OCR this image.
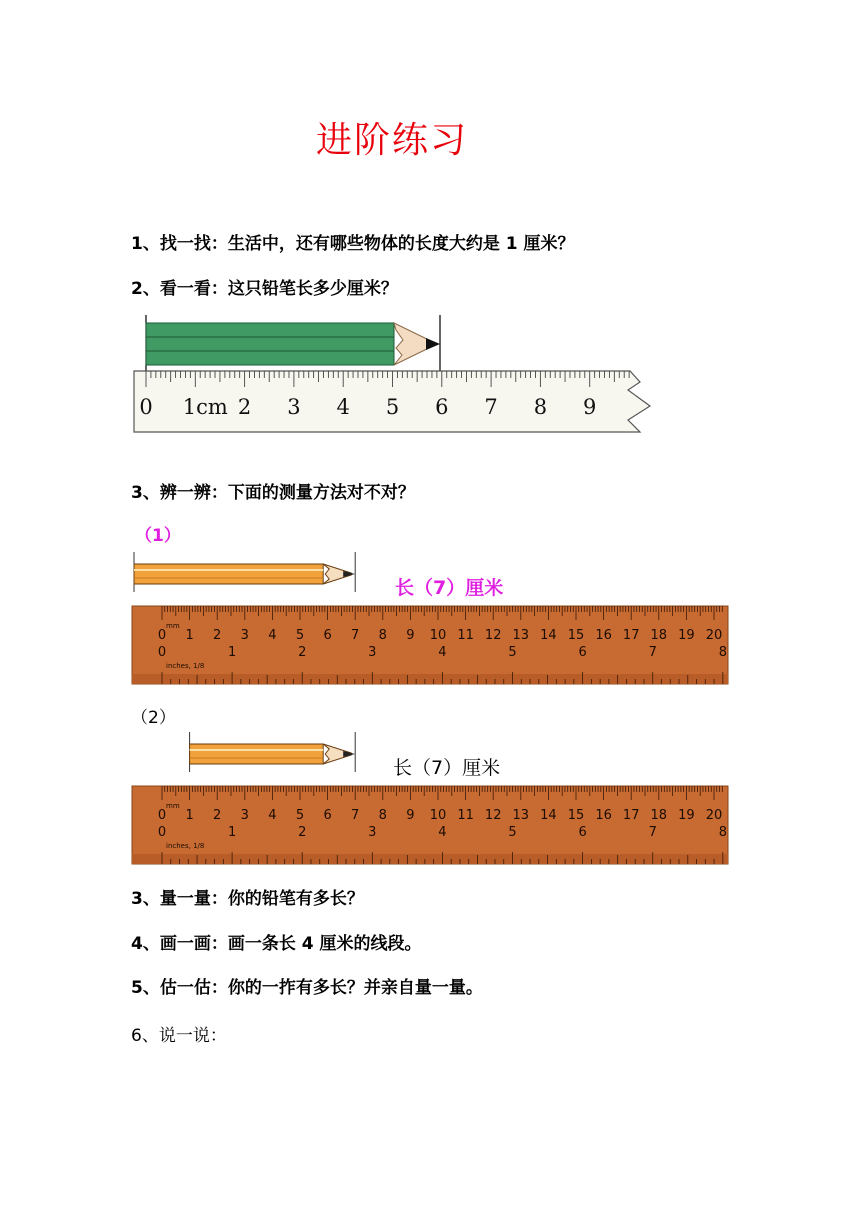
进阶练习
1、找一找：生活中，还有哪些物体的长度大约是 1 厘米？
2、看一看：这只铅笔长多少厘米？
0 1cm 2 3 4 5 6 7 8 9
3、辨一辨：下面的测量方法对不对？
（1）
长（7）厘米
0 1 2 3 4 5 6 7 8 9 10 11 12 13 14 15 16 17 18 19 20
mm
0	1	2	3	4	5	6	7	8
inches, 1/8
（2）
长（7）厘米
0 1 2 3 4 5 6 7 8 9 10 11 12 13 14 15 16 17 18 19 20
mm
0	1	2	3	4	5	6	7	8
inches, 1/8
3、量一量：你的铅笔有多长？
4、画一画：画一条长 4 厘米的线段。
5、估一估：你的一拃有多长？并亲自量一量。
6、说一说：
